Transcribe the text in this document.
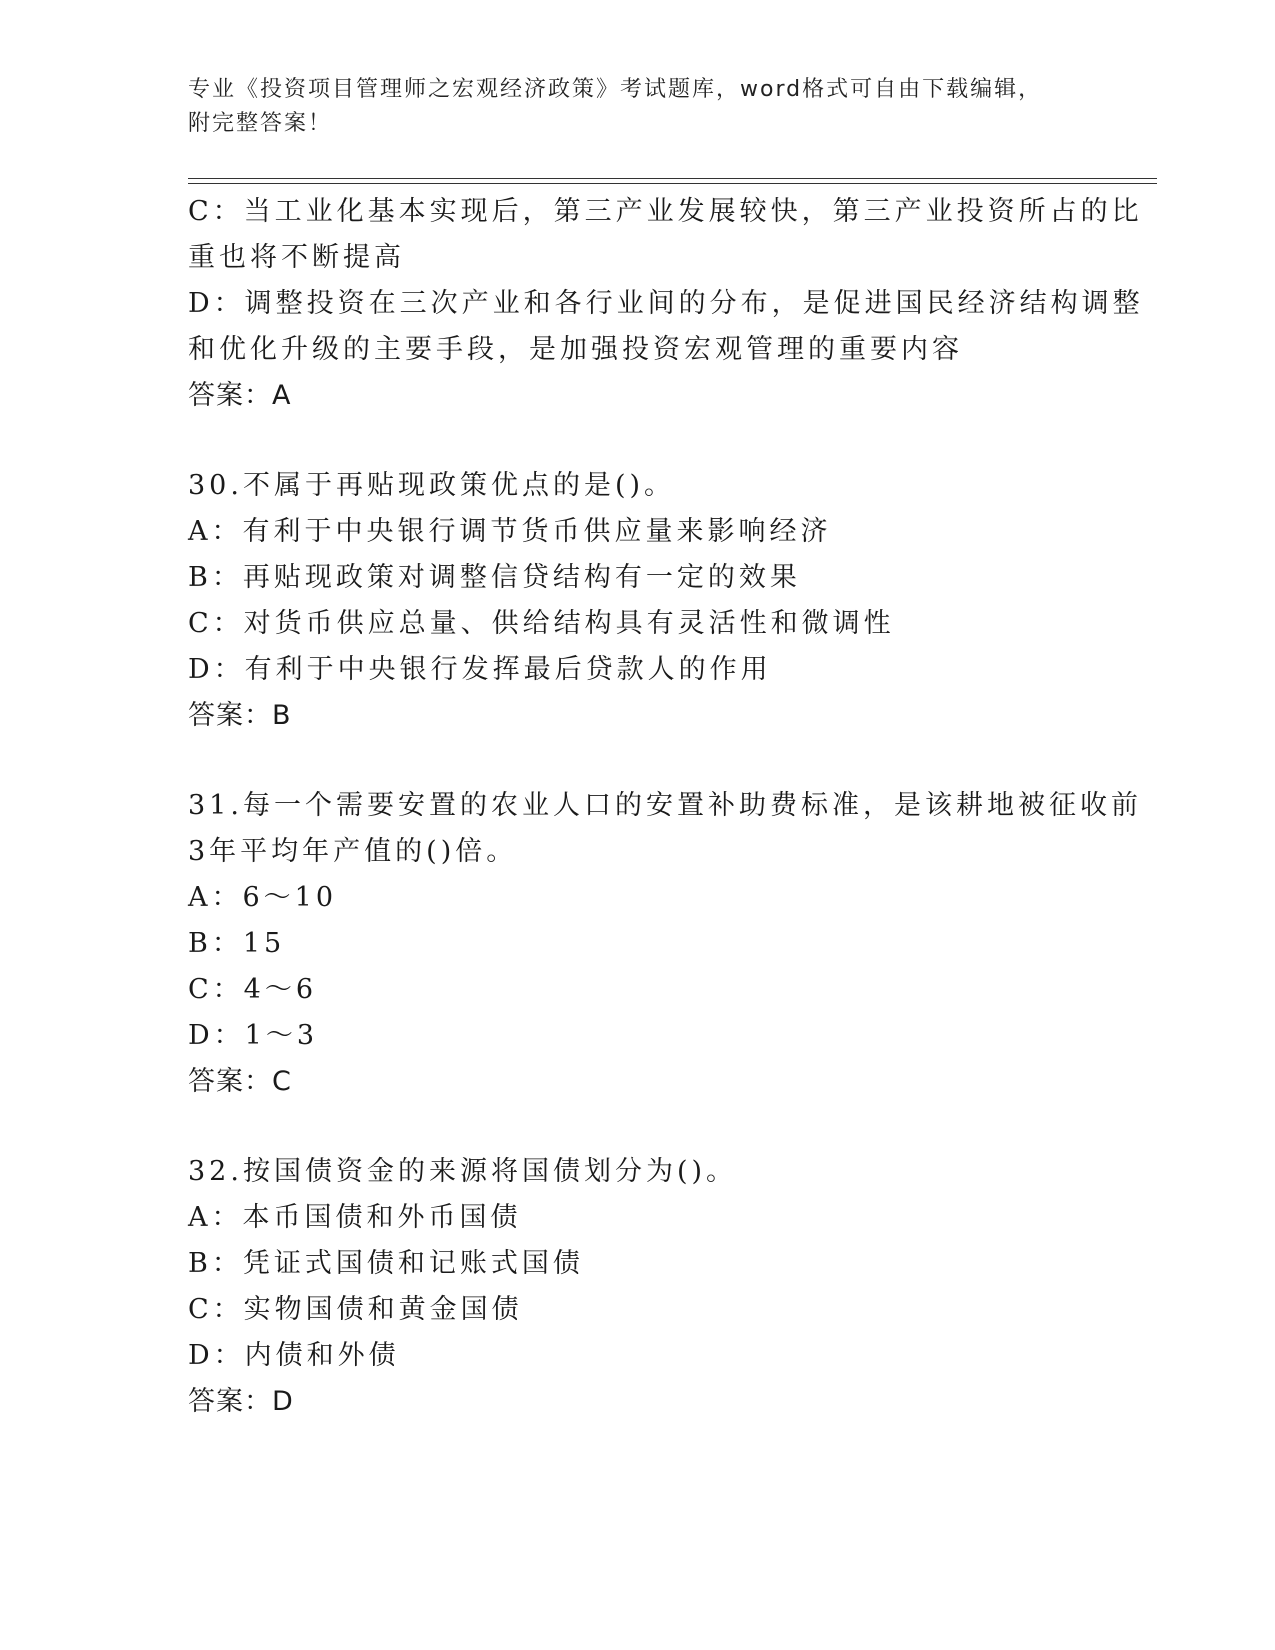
专业《投资项目管理师之宏观经济政策》考试题库，word格式可自由下载编辑，
附完整答案！
C：当工业化基本实现后，第三产业发展较快，第三产业投资所占的比
重也将不断提高
D：调整投资在三次产业和各行业间的分布，是促进国民经济结构调整
和优化升级的主要手段，是加强投资宏观管理的重要内容
答案：A
30.不属于再贴现政策优点的是()。
A：有利于中央银行调节货币供应量来影响经济
B：再贴现政策对调整信贷结构有一定的效果
C：对货币供应总量、供给结构具有灵活性和微调性
D：有利于中央银行发挥最后贷款人的作用
答案：B
31.每一个需要安置的农业人口的安置补助费标准，是该耕地被征收前
3年平均年产值的()倍。
A：6～10
B：15
C：4～6
D：1～3
答案：C
32.按国债资金的来源将国债划分为()。
A：本币国债和外币国债
B：凭证式国债和记账式国债
C：实物国债和黄金国债
D：内债和外债
答案：D
